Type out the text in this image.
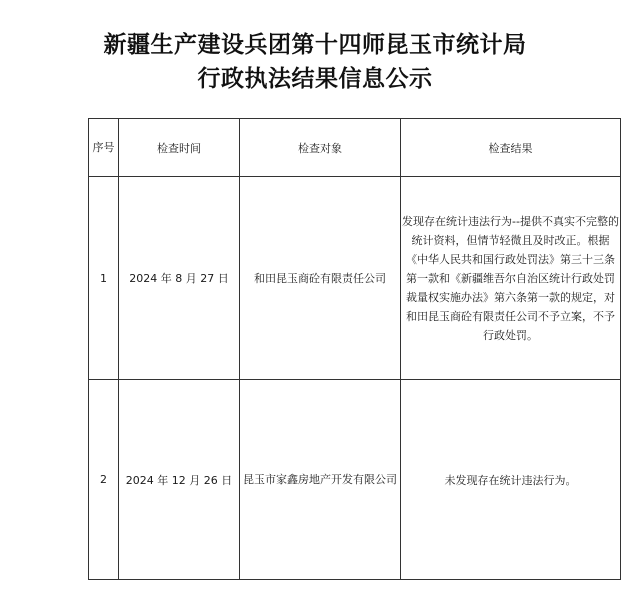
新疆生产建设兵团第十四师昆玉市统计局
行政执法结果信息公示
序号	检查时间	检查对象	检查结果
1	2024 年 8 月 27 日	和田昆玉商砼有限责任公司	发现存在统计违法行为--提供不真实不完整的统计资料，但情节轻微且及时改正。根据《中华人民共和国行政处罚法》第三十三条第一款和《新疆维吾尔自治区统计行政处罚裁量权实施办法》第六条第一款的规定，对和田昆玉商砼有限责任公司不予立案，不予行政处罚。
2	2024 年 12 月 26 日	昆玉市家鑫房地产开发有限公司	未发现存在统计违法行为。
